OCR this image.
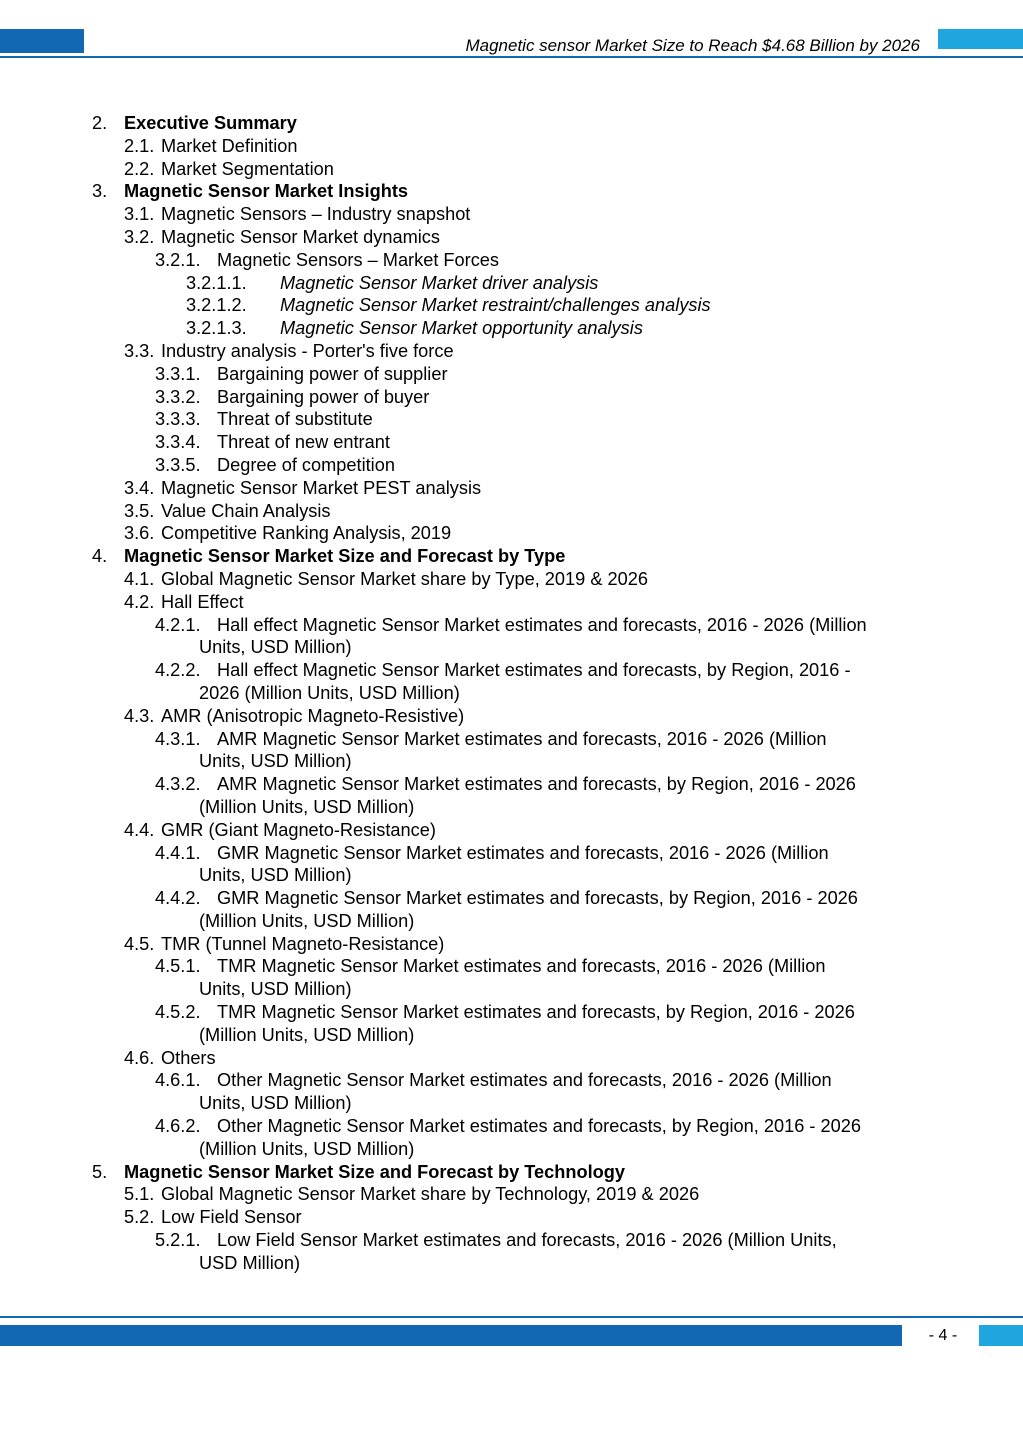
Magnetic sensor Market Size to Reach $4.68 Billion by 2026
2. Executive Summary
2.1. Market Definition
2.2. Market Segmentation
3. Magnetic Sensor Market Insights
3.1. Magnetic Sensors – Industry snapshot
3.2. Magnetic Sensor Market dynamics
3.2.1. Magnetic Sensors – Market Forces
3.2.1.1. Magnetic Sensor Market driver analysis
3.2.1.2. Magnetic Sensor Market restraint/challenges analysis
3.2.1.3. Magnetic Sensor Market opportunity analysis
3.3. Industry analysis - Porter's five force
3.3.1. Bargaining power of supplier
3.3.2. Bargaining power of buyer
3.3.3. Threat of substitute
3.3.4. Threat of new entrant
3.3.5. Degree of competition
3.4. Magnetic Sensor Market PEST analysis
3.5. Value Chain Analysis
3.6. Competitive Ranking Analysis, 2019
4. Magnetic Sensor Market Size and Forecast by Type
4.1. Global Magnetic Sensor Market share by Type, 2019 & 2026
4.2. Hall Effect
4.2.1. Hall effect Magnetic Sensor Market estimates and forecasts, 2016 - 2026 (Million
Units, USD Million)
4.2.2. Hall effect Magnetic Sensor Market estimates and forecasts, by Region, 2016 -
2026 (Million Units, USD Million)
4.3. AMR (Anisotropic Magneto-Resistive)
4.3.1. AMR Magnetic Sensor Market estimates and forecasts, 2016 - 2026 (Million
Units, USD Million)
4.3.2. AMR Magnetic Sensor Market estimates and forecasts, by Region, 2016 - 2026
(Million Units, USD Million)
4.4. GMR (Giant Magneto-Resistance)
4.4.1. GMR Magnetic Sensor Market estimates and forecasts, 2016 - 2026 (Million
Units, USD Million)
4.4.2. GMR Magnetic Sensor Market estimates and forecasts, by Region, 2016 - 2026
(Million Units, USD Million)
4.5. TMR (Tunnel Magneto-Resistance)
4.5.1. TMR Magnetic Sensor Market estimates and forecasts, 2016 - 2026 (Million
Units, USD Million)
4.5.2. TMR Magnetic Sensor Market estimates and forecasts, by Region, 2016 - 2026
(Million Units, USD Million)
4.6. Others
4.6.1. Other Magnetic Sensor Market estimates and forecasts, 2016 - 2026 (Million
Units, USD Million)
4.6.2. Other Magnetic Sensor Market estimates and forecasts, by Region, 2016 - 2026
(Million Units, USD Million)
5. Magnetic Sensor Market Size and Forecast by Technology
5.1. Global Magnetic Sensor Market share by Technology, 2019 & 2026
5.2. Low Field Sensor
5.2.1. Low Field Sensor Market estimates and forecasts, 2016 - 2026 (Million Units,
USD Million)
- 4 -
